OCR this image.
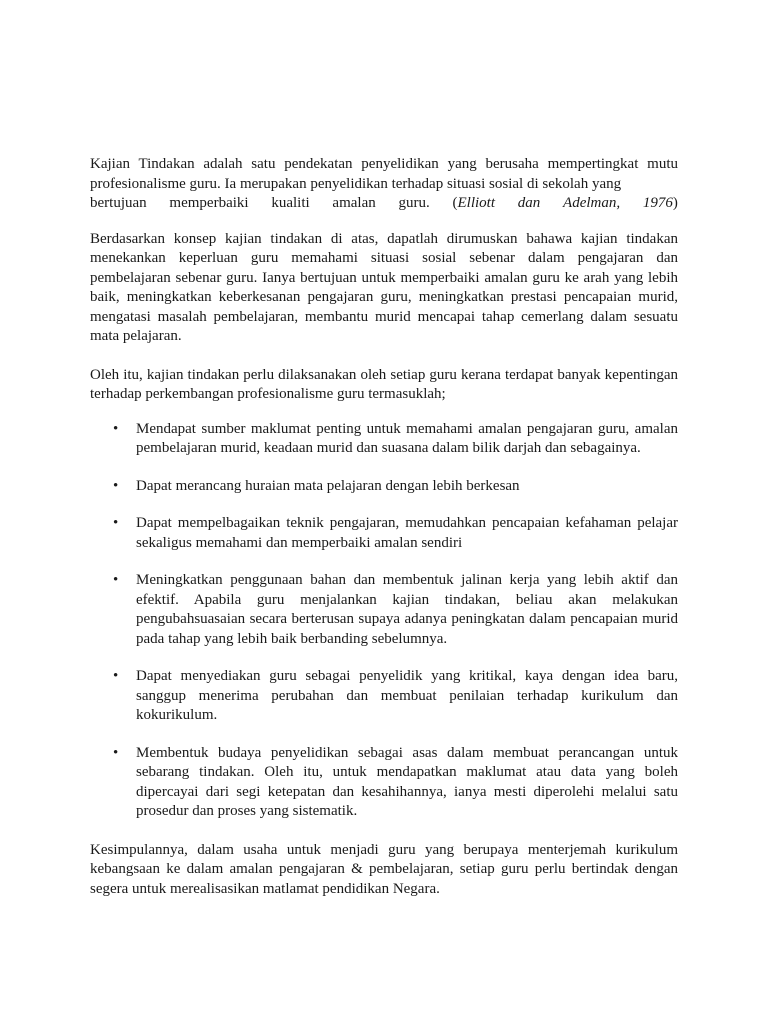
Kajian Tindakan adalah satu pendekatan penyelidikan yang berusaha mempertingkat mutu profesionalisme guru. Ia merupakan penyelidikan terhadap situasi sosial di sekolah yang
bertujuan memperbaiki kualiti amalan guru. (Elliott dan Adelman, 1976)

Berdasarkan konsep kajian tindakan di atas, dapatlah dirumuskan bahawa kajian tindakan menekankan keperluan guru memahami situasi sosial sebenar dalam pengajaran dan pembelajaran sebenar guru. Ianya bertujuan untuk memperbaiki amalan guru ke arah yang lebih baik, meningkatkan keberkesanan pengajaran guru, meningkatkan prestasi pencapaian murid, mengatasi masalah pembelajaran, membantu murid mencapai tahap cemerlang dalam sesuatu mata pelajaran.

Oleh itu, kajian tindakan perlu dilaksanakan oleh setiap guru kerana terdapat banyak kepentingan terhadap perkembangan profesionalisme guru termasuklah;

• Mendapat sumber maklumat penting untuk memahami amalan pengajaran guru, amalan pembelajaran murid, keadaan murid dan suasana dalam bilik darjah dan sebagainya.
• Dapat merancang huraian mata pelajaran dengan lebih berkesan
• Dapat mempelbagaikan teknik pengajaran, memudahkan pencapaian kefahaman pelajar sekaligus memahami dan memperbaiki amalan sendiri
• Meningkatkan penggunaan bahan dan membentuk jalinan kerja yang lebih aktif dan efektif. Apabila guru menjalankan kajian tindakan, beliau akan melakukan pengubahsuasaian secara berterusan supaya adanya peningkatan dalam pencapaian murid pada tahap yang lebih baik berbanding sebelumnya.
• Dapat menyediakan guru sebagai penyelidik yang kritikal, kaya dengan idea baru, sanggup menerima perubahan dan membuat penilaian terhadap kurikulum dan kokurikulum.
• Membentuk budaya penyelidikan sebagai asas dalam membuat perancangan untuk sebarang tindakan. Oleh itu, untuk mendapatkan maklumat atau data yang boleh dipercayai dari segi ketepatan dan kesahihannya, ianya mesti diperolehi melalui satu prosedur dan proses yang sistematik.

Kesimpulannya, dalam usaha untuk menjadi guru yang berupaya menterjemah kurikulum kebangsaan ke dalam amalan pengajaran & pembelajaran, setiap guru perlu bertindak dengan segera untuk merealisasikan matlamat pendidikan Negara.
